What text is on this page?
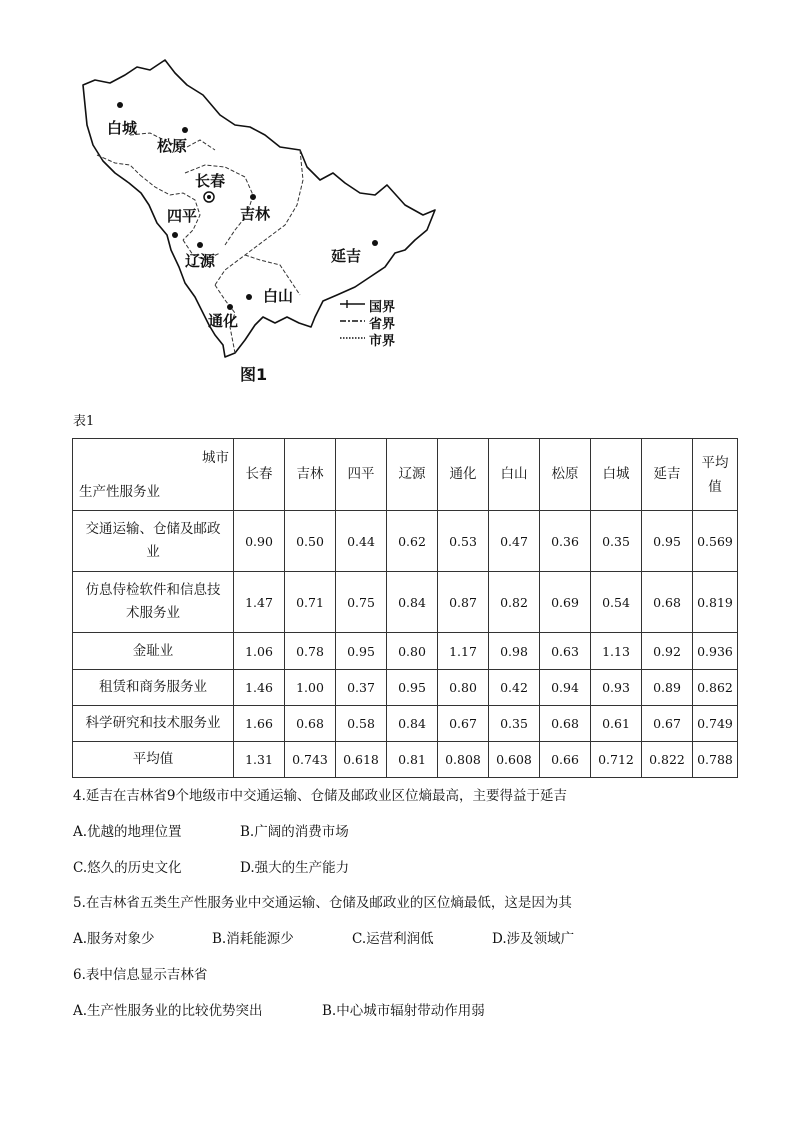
白城
松原
长春
吉林
四平
辽源	延吉
白山
通化
国界
省界
市界
图1
表1
城市
生产性服务业	长春	吉林	四平	辽源	通化	白山	松原	白城	延吉	平均值
交通运输、仓储及邮政业	0.90	0.50	0.44	0.62	0.53	0.47	0.36	0.35	0.95	0.569
仿息侍检软件和信息技术服务业	1.47	0.71	0.75	0.84	0.87	0.82	0.69	0.54	0.68	0.819
金耻业	1.06	0.78	0.95	0.80	1.17	0.98	0.63	1.13	0.92	0.936
租赁和商务服务业	1.46	1.00	0.37	0.95	0.80	0.42	0.94	0.93	0.89	0.862
科学研究和技术服务业	1.66	0.68	0.58	0.84	0.67	0.35	0.68	0.61	0.67	0.749
平均值	1.31	0.743	0.618	0.81	0.808	0.608	0.66	0.712	0.822	0.788
4.延吉在吉林省9个地级市中交通运输、仓储及邮政业区位熵最高，主要得益于延吉
A.优越的地理位置	B.广阔的消费市场
C.悠久的历史文化	D.强大的生产能力
5.在吉林省五类生产性服务业中交通运输、仓储及邮政业的区位熵最低，这是因为其
A.服务对象少	B.消耗能源少	C.运营利润低	D.涉及领域广
6.表中信息显示吉林省
A.生产性服务业的比较优势突出	B.中心城市辐射带动作用弱
